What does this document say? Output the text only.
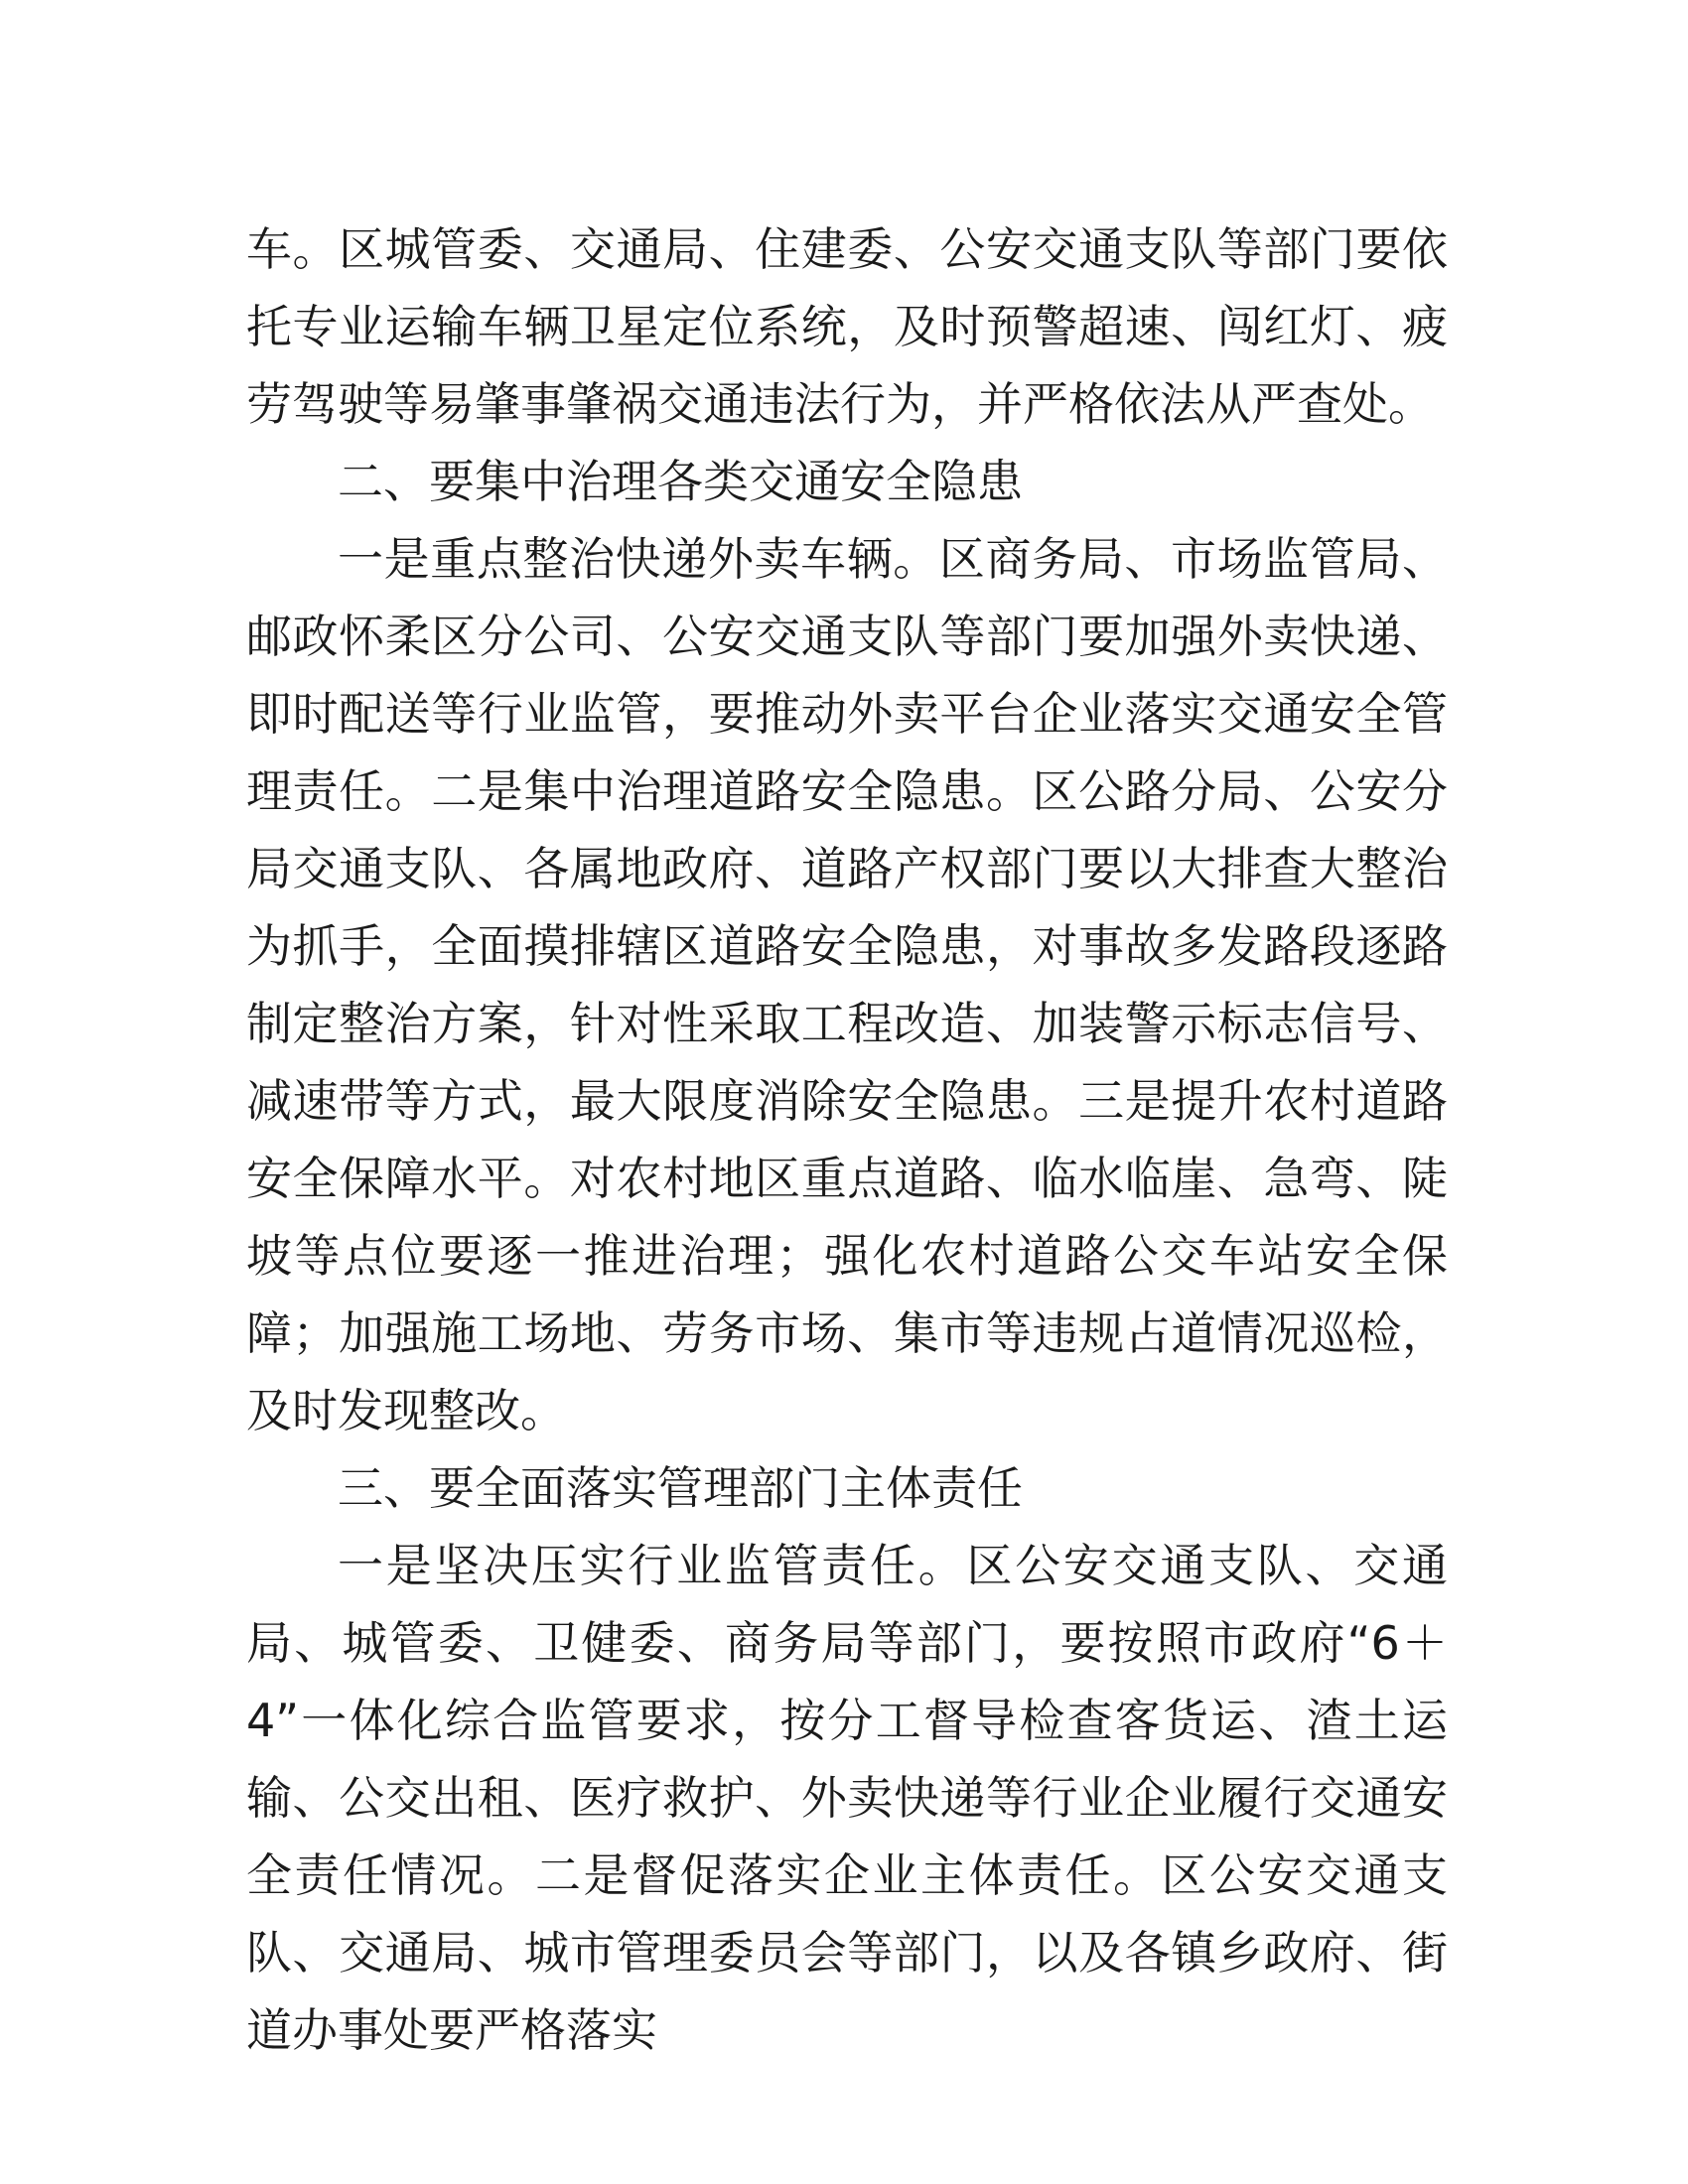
车。区城管委、交通局、住建委、公安交通支队等部门要依托专业运输车辆卫星定位系统，及时预警超速、闯红灯、疲劳驾驶等易肇事肇祸交通违法行为，并严格依法从严查处。

二、要集中治理各类交通安全隐患

一是重点整治快递外卖车辆。区商务局、市场监管局、邮政怀柔区分公司、公安交通支队等部门要加强外卖快递、即时配送等行业监管，要推动外卖平台企业落实交通安全管理责任。二是集中治理道路安全隐患。区公路分局、公安分局交通支队、各属地政府、道路产权部门要以大排查大整治为抓手，全面摸排辖区道路安全隐患，对事故多发路段逐路制定整治方案，针对性采取工程改造、加装警示标志信号、减速带等方式，最大限度消除安全隐患。三是提升农村道路安全保障水平。对农村地区重点道路、临水临崖、急弯、陡坡等点位要逐一推进治理；强化农村道路公交车站安全保障；加强施工场地、劳务市场、集市等违规占道情况巡检，及时发现整改。

三、要全面落实管理部门主体责任

一是坚决压实行业监管责任。区公安交通支队、交通局、城管委、卫健委、商务局等部门，要按照市政府“6＋4”一体化综合监管要求，按分工督导检查客货运、渣土运输、公交出租、医疗救护、外卖快递等行业企业履行交通安全责任情况。二是督促落实企业主体责任。区公安交通支队、交通局、城市管理委员会等部门，以及各镇乡政府、街道办事处要严格落实
